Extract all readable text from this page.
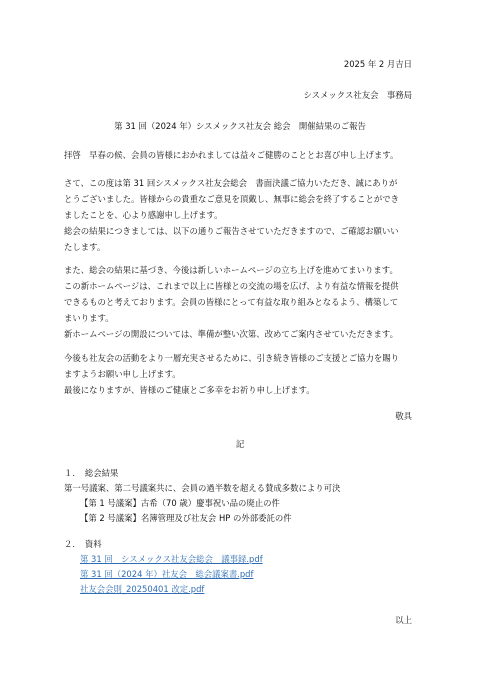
2025 年 2 月吉日
シスメックス社友会　事務局
第 31 回（2024 年）シスメックス社友会 総会　開催結果のご報告
拝啓　早春の候、会員の皆様におかれましては益々ご健勝のこととお喜び申し上げます。
さて、この度は第 31 回シスメックス社友会総会　書面決議ご協力いただき、誠にありが
とうございました。皆様からの貴重なご意見を頂戴し、無事に総会を終了することができ
ましたことを、心より感謝申し上げます。
総会の結果につきましては、以下の通りご報告させていただきますので、ご確認お願いい
たします。
また、総会の結果に基づき、今後は新しいホームページの立ち上げを進めてまいります。
この新ホームページは、これまで以上に皆様との交流の場を広げ、より有益な情報を提供
できるものと考えております。会員の皆様にとって有益な取り組みとなるよう、構築して
まいります。
新ホームページの開設については、準備が整い次第、改めてご案内させていただきます。
今後も社友会の活動をより一層充実させるために、引き続き皆様のご支援とご協力を賜り
ますようお願い申し上げます。
最後になりますが、皆様のご健康とご多幸をお祈り申し上げます。
敬具
記
１．　総会結果
第一号議案、第二号議案共に、会員の過半数を超える賛成多数により可決
【第 1 号議案】古希（70 歳）慶事祝い品の廃止の件
【第 2 号議案】名簿管理及び社友会 HP の外部委託の件
２．　資料
第 31 回　シスメックス社友会総会　議事録.pdf
第 31 回（2024 年）社友会　総会議案書.pdf
社友会会則_20250401 改定.pdf
以上
